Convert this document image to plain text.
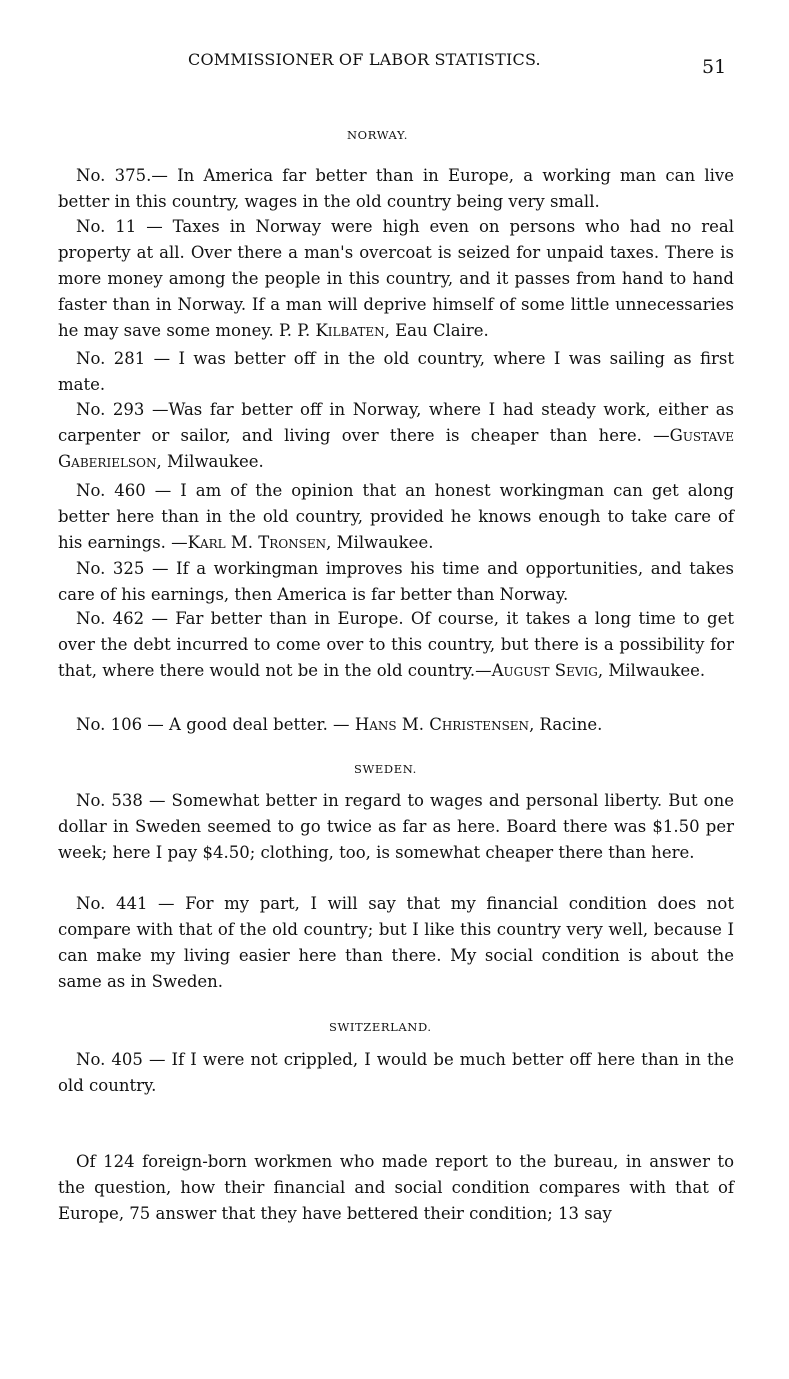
COMMISSIONER OF LABOR STATISTICS.	51
NORWAY.

No. 375.— In America far better than in Europe, a working man can live better in this country, wages in the old country being very small.

No. 11 — Taxes in Norway were high even on persons who had no real property at all. Over there a man's overcoat is seized for unpaid taxes. There is more money among the people in this country, and it passes from hand to hand faster than in Norway. If a man will deprive himself of some little unnecessaries he may save some money. P. P. Kilbaten, Eau Claire.

No. 281 — I was better off in the old country, where I was sailing as first mate.

No. 293 —Was far better off in Norway, where I had steady work, either as carpenter or sailor, and living over there is cheaper than here. —Gustave Gaberielson, Milwaukee.

No. 460 — I am of the opinion that an honest workingman can get along better here than in the old country, provided he knows enough to take care of his earnings. —Karl M. Tronsen, Milwaukee.

No. 325 — If a workingman improves his time and opportunities, and takes care of his earnings, then America is far better than Norway.

No. 462 — Far better than in Europe. Of course, it takes a long time to get over the debt incurred to come over to this country, but there is a possibility for that, where there would not be in the old country.—August Sevig, Milwaukee.

No. 106 — A good deal better. — Hans M. Christensen, Racine.

SWEDEN.

No. 538 — Somewhat better in regard to wages and personal liberty. But one dollar in Sweden seemed to go twice as far as here. Board there was $1.50 per week; here I pay $4.50; clothing, too, is somewhat cheaper there than here.

No. 441 — For my part, I will say that my financial condition does not compare with that of the old country; but I like this country very well, because I can make my living easier here than there. My social condition is about the same as in Sweden.

SWITZERLAND.

No. 405 — If I were not crippled, I would be much better off here than in the old country.

Of 124 foreign-born workmen who made report to the bureau, in answer to the question, how their financial and social condition compares with that of Europe, 75 answer that they have bettered their condition; 13 say
